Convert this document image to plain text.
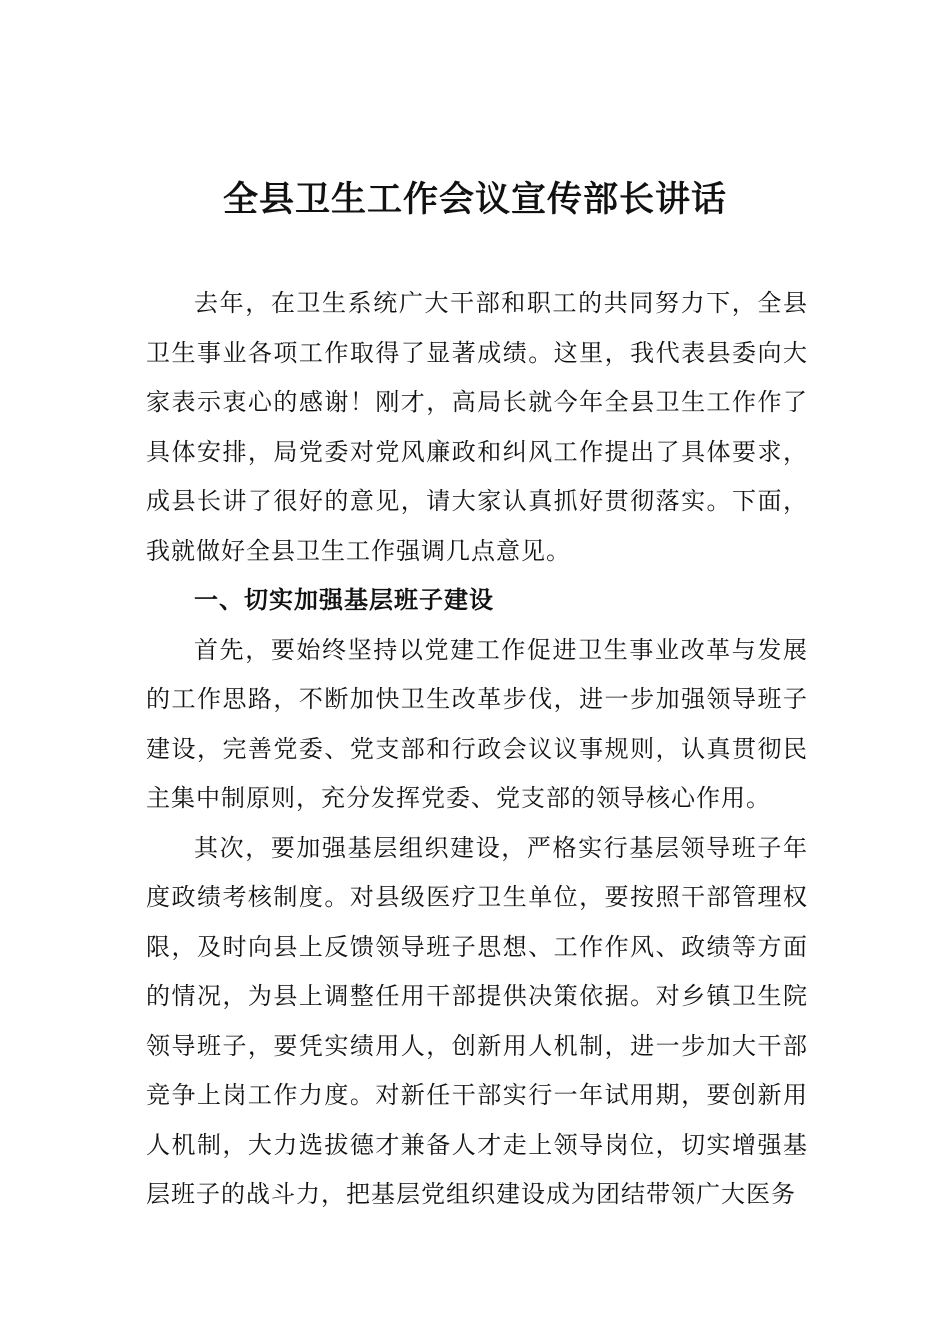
全县卫生工作会议宣传部长讲话

去年，在卫生系统广大干部和职工的共同努力下，全县卫生事业各项工作取得了显著成绩。这里，我代表县委向大家表示衷心的感谢！刚才，高局长就今年全县卫生工作作了具体安排，局党委对党风廉政和纠风工作提出了具体要求，成县长讲了很好的意见，请大家认真抓好贯彻落实。下面，我就做好全县卫生工作强调几点意见。

一、切实加强基层班子建设

首先，要始终坚持以党建工作促进卫生事业改革与发展的工作思路，不断加快卫生改革步伐，进一步加强领导班子建设，完善党委、党支部和行政会议议事规则，认真贯彻民主集中制原则，充分发挥党委、党支部的领导核心作用。

其次，要加强基层组织建设，严格实行基层领导班子年度政绩考核制度。对县级医疗卫生单位，要按照干部管理权限，及时向县上反馈领导班子思想、工作作风、政绩等方面的情况，为县上调整任用干部提供决策依据。对乡镇卫生院领导班子，要凭实绩用人，创新用人机制，进一步加大干部竞争上岗工作力度。对新任干部实行一年试用期，要创新用人机制，大力选拔德才兼备人才走上领导岗位，切实增强基层班子的战斗力，把基层党组织建设成为团结带领广大医务
